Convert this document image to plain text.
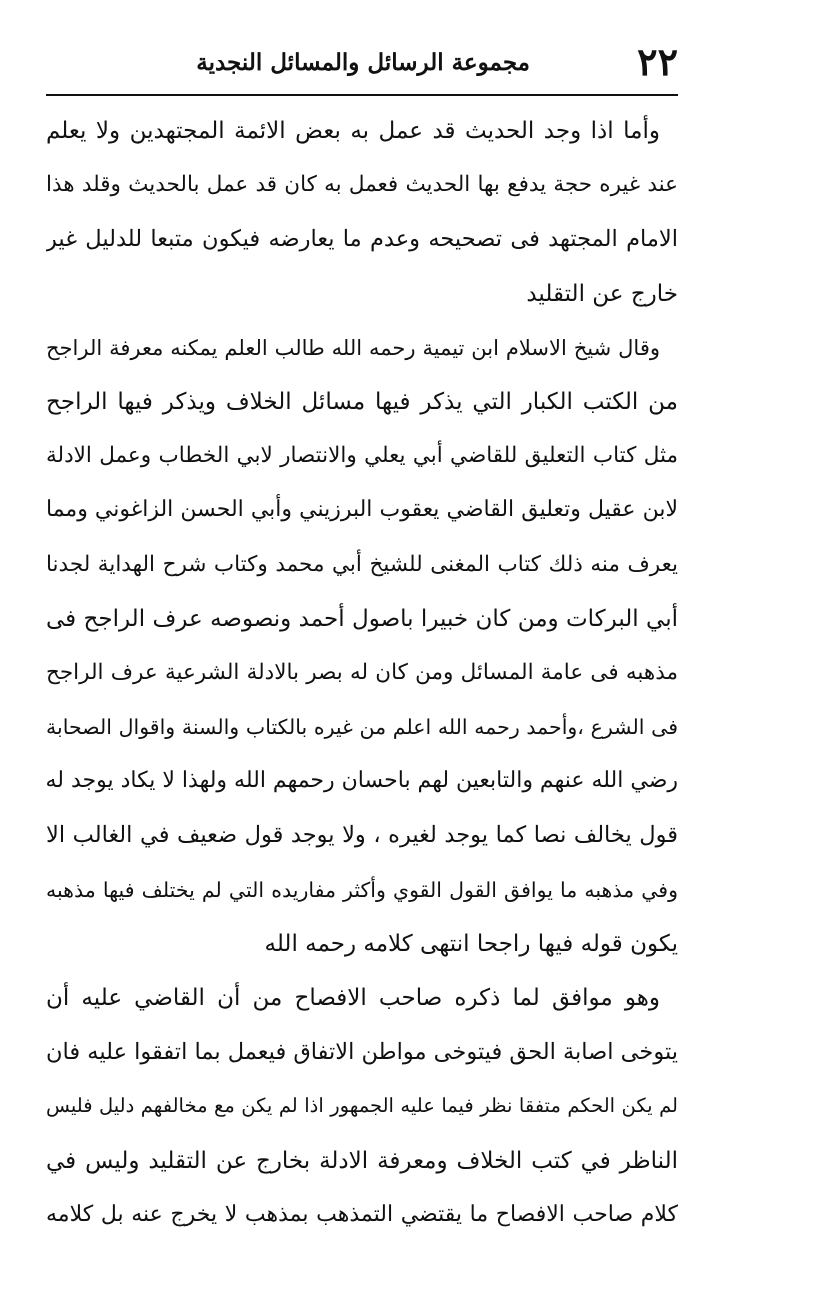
٢٢
مجموعة الرسائل والمسائل النجدية
وأما اذا وجد الحديث قد عمل به بعض الائمة المجتهدين ولا يعلم
عند غيره حجة يدفع بها الحديث فعمل به كان قد عمل بالحديث وقلد هذا
الامام المجتهد فى تصحيحه وعدم ما يعارضه فيكون متبعا للدليل غير
خارج عن التقليد
وقال شيخ الاسلام ابن تيمية رحمه الله طالب العلم يمكنه معرفة الراجح
من الكتب الكبار التي يذكر فيها مسائل الخلاف ويذكر فيها الراجح
مثل كتاب التعليق للقاضي أبي يعلي والانتصار لابي الخطاب وعمل الادلة
لابن عقيل وتعليق القاضي يعقوب البرزيني وأبي الحسن الزاغوني ومما
يعرف منه ذلك كتاب المغنى للشيخ أبي محمد وكتاب شرح الهداية لجدنا
أبي البركات ومن كان خبيرا باصول أحمد ونصوصه عرف الراجح فى
مذهبه فى عامة المسائل ومن كان له بصر بالادلة الشرعية عرف الراجح
فى الشرع ،وأحمد رحمه الله اعلم من غيره بالكتاب والسنة واقوال الصحابة
رضي الله عنهم والتابعين لهم باحسان رحمهم الله ولهذا لا يكاد يوجد له
قول يخالف نصا كما يوجد لغيره ، ولا يوجد قول ضعيف في الغالب الا
وفي مذهبه ما يوافق القول القوي وأكثر مفاريده التي لم يختلف فيها مذهبه
يكون قوله فيها راجحا انتهى كلامه رحمه الله
وهو موافق لما ذكره صاحب الافصاح من أن القاضي عليه أن
يتوخى اصابة الحق فيتوخى مواطن الاتفاق فيعمل بما اتفقوا عليه فان
لم يكن الحكم متفقا نظر فيما عليه الجمهور اذا لم يكن مع مخالفهم دليل فليس
الناظر في كتب الخلاف ومعرفة الادلة بخارج عن التقليد وليس في
كلام صاحب الافصاح ما يقتضي التمذهب بمذهب لا يخرج عنه بل كلامه
